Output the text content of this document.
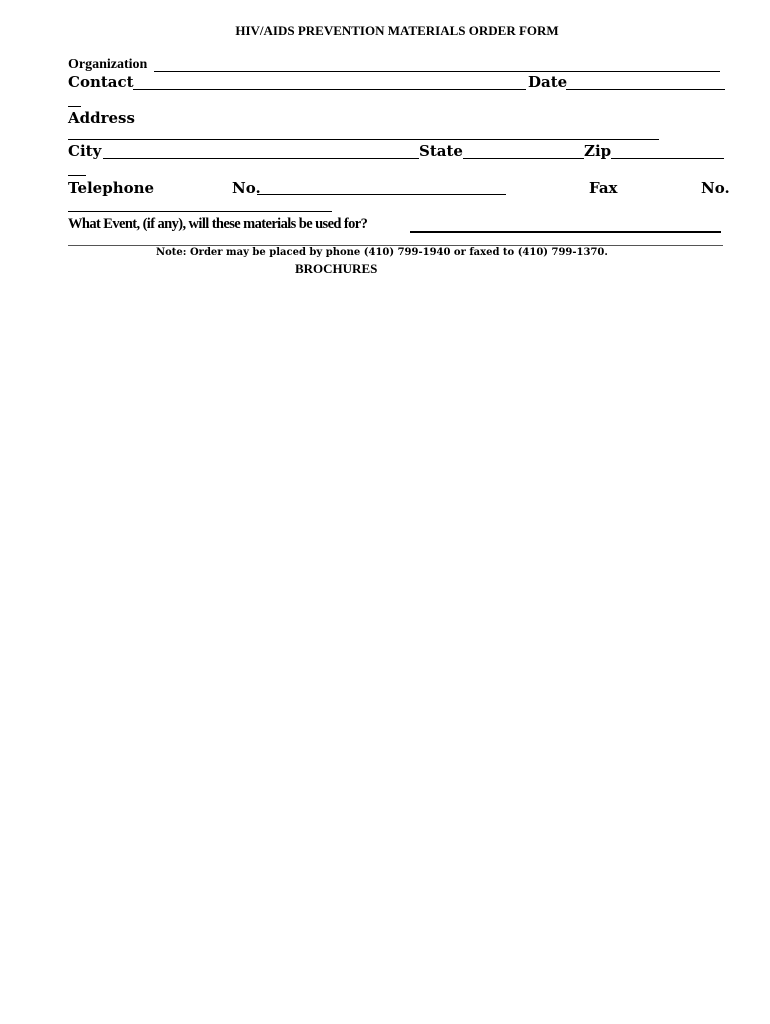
HIV/AIDS PREVENTION MATERIALS ORDER FORM
Organization
Contact	Date
Address
City	State	Zip
Telephone	No.	Fax	No.
What Event, (if any), will these materials be used for?
Note: Order may be placed by phone (410) 799-1940 or faxed to (410) 799-1370.
BROCHURES
